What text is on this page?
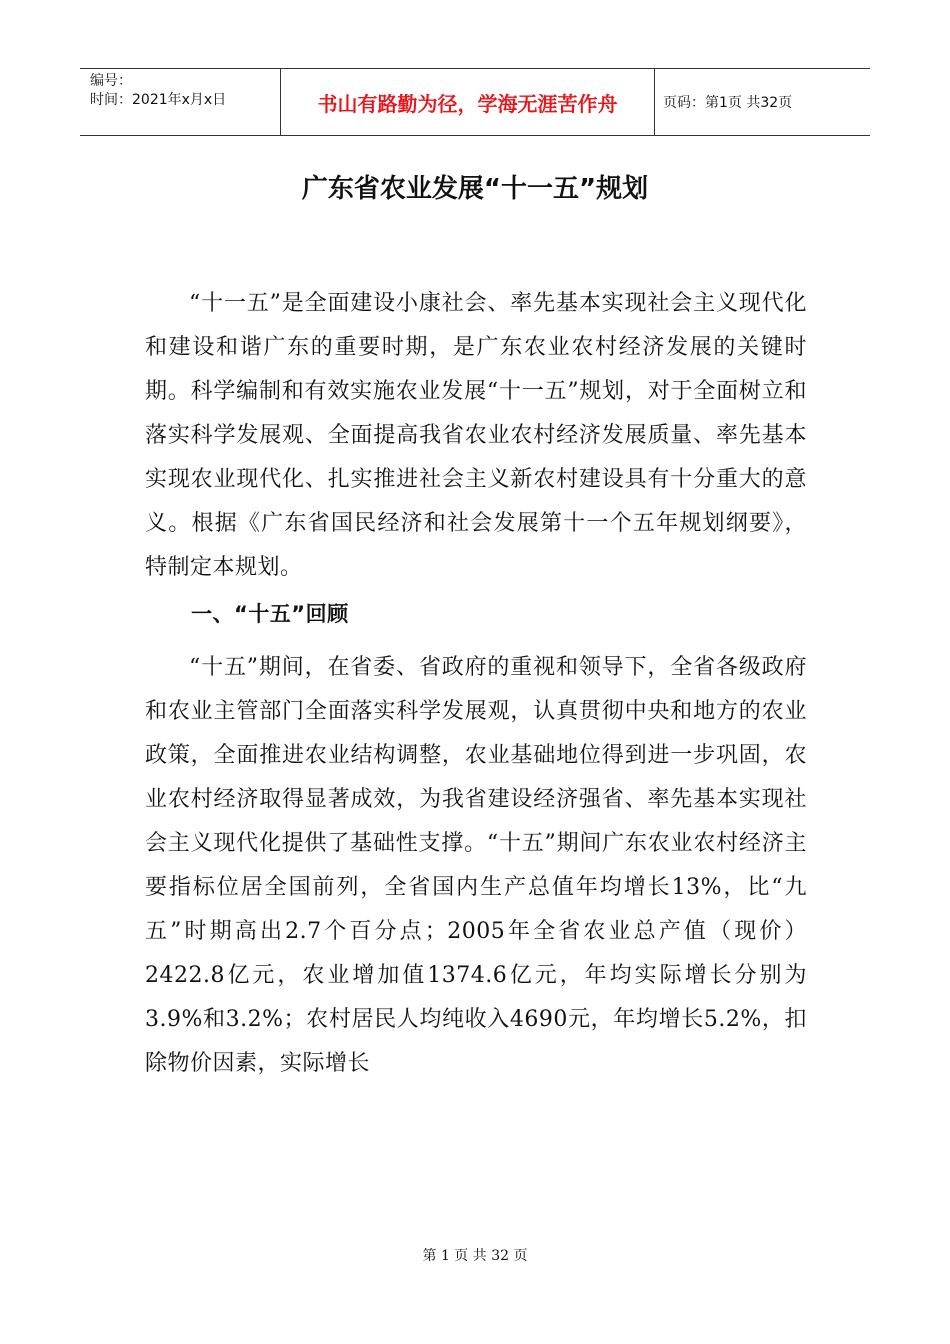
编号：
时间：2021年x月x日	书山有路勤为径，学海无涯苦作舟	页码：第1页 共32页
广东省农业发展“十一五”规划

“十一五”是全面建设小康社会、率先基本实现社会主义现代化和建设和谐广东的重要时期，是广东农业农村经济发展的关键时期。科学编制和有效实施农业发展“十一五”规划，对于全面树立和落实科学发展观、全面提高我省农业农村经济发展质量、率先基本实现农业现代化、扎实推进社会主义新农村建设具有十分重大的意义。根据《广东省国民经济和社会发展第十一个五年规划纲要》，特制定本规划。

一、“十五”回顾

“十五”期间，在省委、省政府的重视和领导下，全省各级政府和农业主管部门全面落实科学发展观，认真贯彻中央和地方的农业政策，全面推进农业结构调整，农业基础地位得到进一步巩固，农业农村经济取得显著成效，为我省建设经济强省、率先基本实现社会主义现代化提供了基础性支撑。“十五”期间广东农业农村经济主要指标位居全国前列，全省国内生产总值年均增长13%，比“九五”时期高出2.7个百分点；2005年全省农业总产值（现价）2422.8亿元，农业增加值1374.6亿元，年均实际增长分别为3.9%和3.2%；农村居民人均纯收入4690元，年均增长5.2%，扣除物价因素，实际增长

第 1 页 共 32 页
